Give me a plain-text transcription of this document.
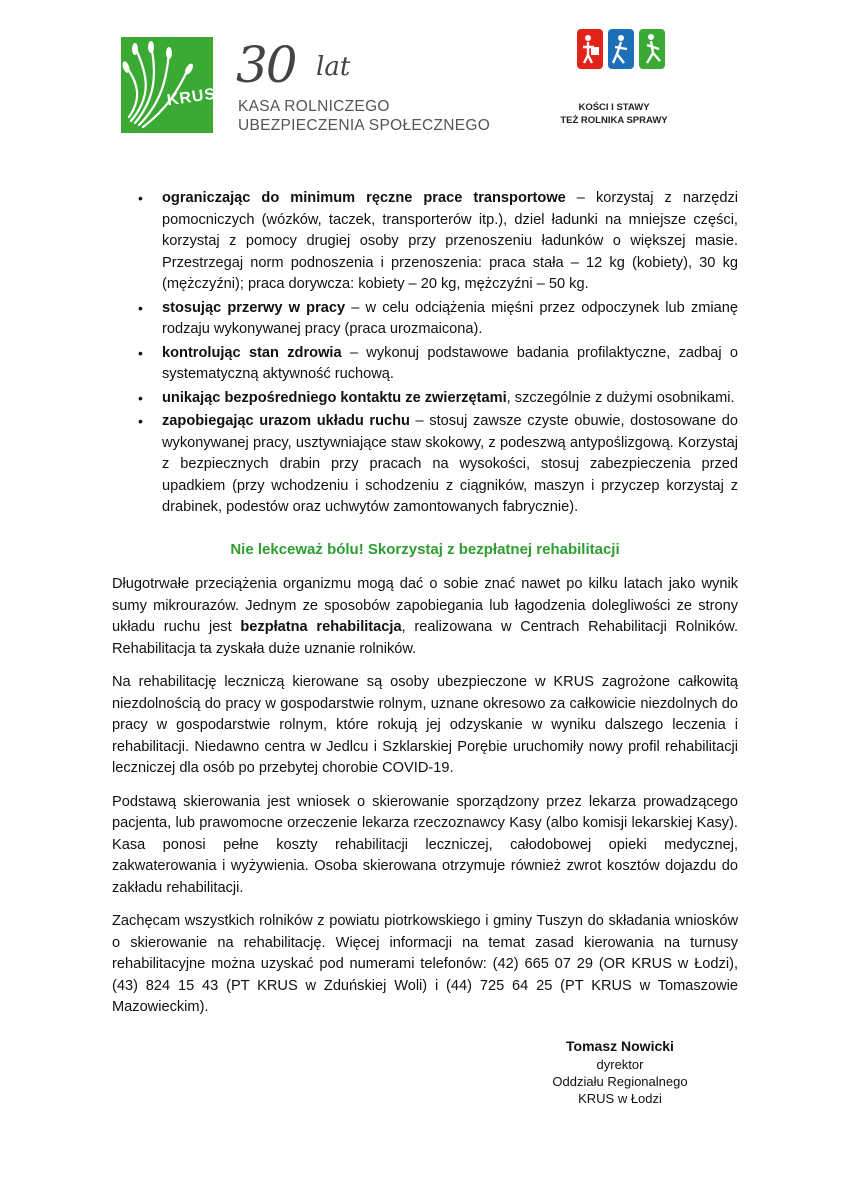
KRUS
30 lat
KASA ROLNICZEGO
UBEZPIECZENIA SPOŁECZNEGO
KOŚCI I STAWY
TEŻ ROLNIKA SPRAWY
• ograniczając do minimum ręczne prace transportowe – korzystaj z narzędzi pomocniczych (wózków, taczek, transporterów itp.), dziel ładunki na mniejsze części, korzystaj z pomocy drugiej osoby przy przenoszeniu ładunków o większej masie. Przestrzegaj norm podnoszenia i przenoszenia: praca stała – 12 kg (kobiety), 30 kg (mężczyźni); praca dorywcza: kobiety – 20 kg, mężczyźni – 50 kg.
• stosując przerwy w pracy – w celu odciążenia mięśni przez odpoczynek lub zmianę rodzaju wykonywanej pracy (praca urozmaicona).
• kontrolując stan zdrowia – wykonuj podstawowe badania profilaktyczne, zadbaj o systematyczną aktywność ruchową.
• unikając bezpośredniego kontaktu ze zwierzętami, szczególnie z dużymi osobnikami.
• zapobiegając urazom układu ruchu – stosuj zawsze czyste obuwie, dostosowane do wykonywanej pracy, usztywniające staw skokowy, z podeszwą antypoślizgową. Korzystaj z bezpiecznych drabin przy pracach na wysokości, stosuj zabezpieczenia przed upadkiem (przy wchodzeniu i schodzeniu z ciągników, maszyn i przyczep korzystaj z drabinek, podestów oraz uchwytów zamontowanych fabrycznie).
Nie lekceważ bólu! Skorzystaj z bezpłatnej rehabilitacji

Długotrwałe przeciążenia organizmu mogą dać o sobie znać nawet po kilku latach jako wynik sumy mikrourazów. Jednym ze sposobów zapobiegania lub łagodzenia dolegliwości ze strony układu ruchu jest bezpłatna rehabilitacja, realizowana w Centrach Rehabilitacji Rolników. Rehabilitacja ta zyskała duże uznanie rolników.

Na rehabilitację leczniczą kierowane są osoby ubezpieczone w KRUS zagrożone całkowitą niezdolnością do pracy w gospodarstwie rolnym, uznane okresowo za całkowicie niezdolnych do pracy w gospodarstwie rolnym, które rokują jej odzyskanie w wyniku dalszego leczenia i rehabilitacji. Niedawno centra w Jedlcu i Szklarskiej Porębie uruchomiły nowy profil rehabilitacji leczniczej dla osób po przebytej chorobie COVID-19.

Podstawą skierowania jest wniosek o skierowanie sporządzony przez lekarza prowadzącego pacjenta, lub prawomocne orzeczenie lekarza rzeczoznawcy Kasy (albo komisji lekarskiej Kasy). Kasa ponosi pełne koszty rehabilitacji leczniczej, całodobowej opieki medycznej, zakwaterowania i wyżywienia. Osoba skierowana otrzymuje również zwrot kosztów dojazdu do zakładu rehabilitacji.

Zachęcam wszystkich rolników z powiatu piotrkowskiego i gminy Tuszyn do składania wniosków o skierowanie na rehabilitację. Więcej informacji na temat zasad kierowania na turnusy rehabilitacyjne można uzyskać pod numerami telefonów: (42) 665 07 29 (OR KRUS w Łodzi), (43) 824 15 43 (PT KRUS w Zduńskiej Woli) i (44) 725 64 25 (PT KRUS w Tomaszowie Mazowieckim).

Tomasz Nowicki
dyrektor
Oddziału Regionalnego
KRUS w Łodzi
